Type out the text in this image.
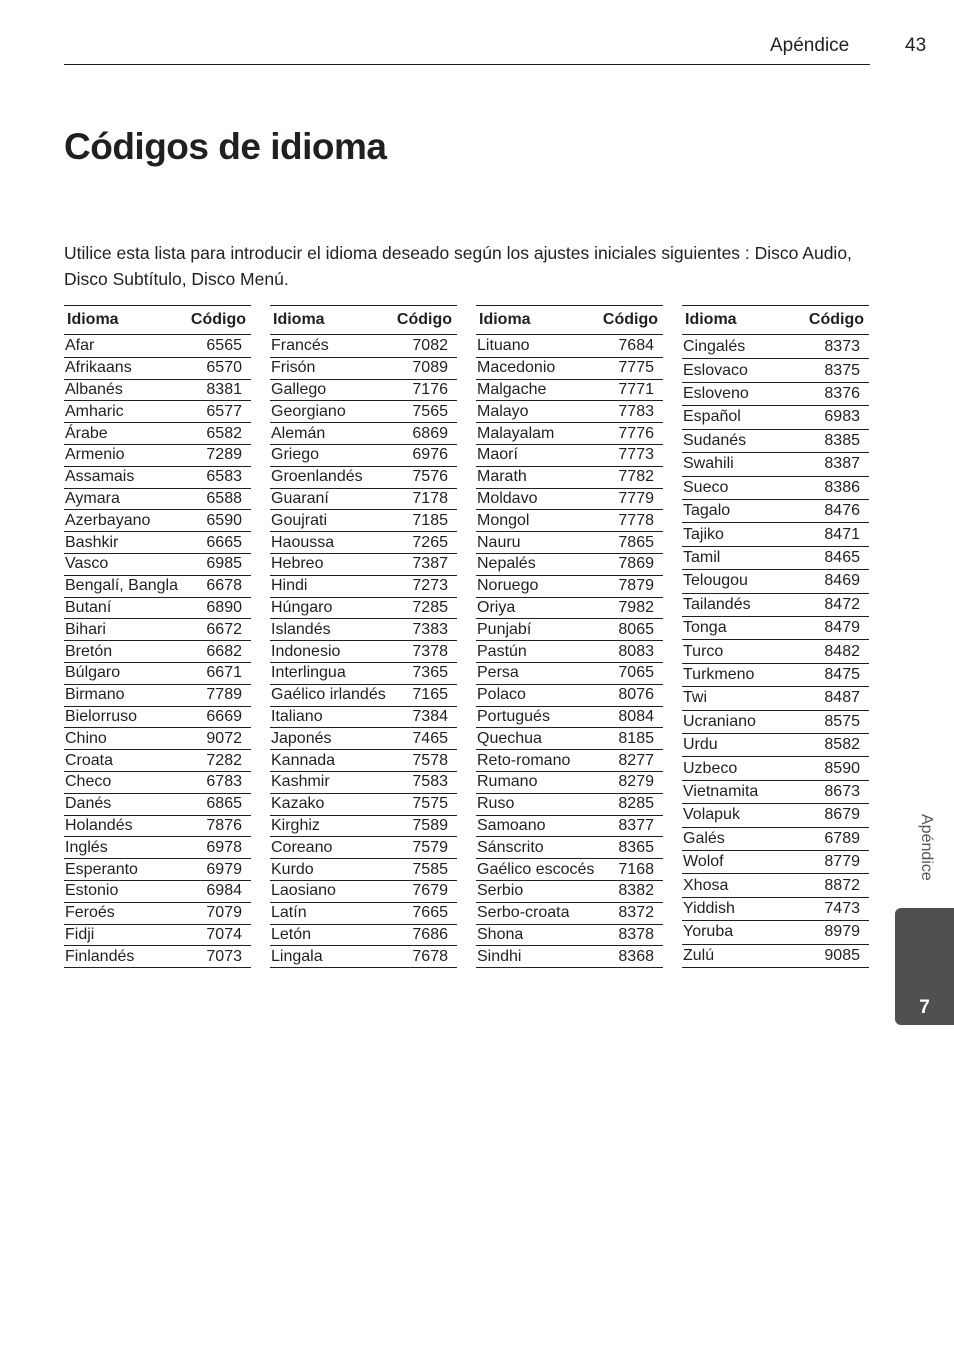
Apéndice	43
Códigos de idioma

Utilice esta lista para introducir el idioma deseado según los ajustes iniciales siguientes : Disco Audio, Disco Subtítulo, Disco Menú.

Idioma	Código
Afar	6565
Afrikaans	6570
Albanés	8381
Amharic	6577
Árabe	6582
Armenio	7289
Assamais	6583
Aymara	6588
Azerbayano	6590
Bashkir	6665
Vasco	6985
Bengalí, Bangla	6678
Butaní	6890
Bihari	6672
Bretón	6682
Búlgaro	6671
Birmano	7789
Bielorruso	6669
Chino	9072
Croata	7282
Checo	6783
Danés	6865
Holandés	7876
Inglés	6978
Esperanto	6979
Estonio	6984
Feroés	7079
Fidji	7074
Finlandés	7073
Idioma	Código
Francés	7082
Frisón	7089
Gallego	7176
Georgiano	7565
Alemán	6869
Griego	6976
Groenlandés	7576
Guaraní	7178
Goujrati	7185
Haoussa	7265
Hebreo	7387
Hindi	7273
Húngaro	7285
Islandés	7383
Indonesio	7378
Interlingua	7365
Gaélico irlandés	7165
Italiano	7384
Japonés	7465
Kannada	7578
Kashmir	7583
Kazako	7575
Kirghiz	7589
Coreano	7579
Kurdo	7585
Laosiano	7679
Latín	7665
Letón	7686
Lingala	7678
Idioma	Código
Lituano	7684
Macedonio	7775
Malgache	7771
Malayo	7783
Malayalam	7776
Maorí	7773
Marath	7782
Moldavo	7779
Mongol	7778
Nauru	7865
Nepalés	7869
Noruego	7879
Oriya	7982
Punjabí	8065
Pastún	8083
Persa	7065
Polaco	8076
Portugués	8084
Quechua	8185
Reto-romano	8277
Rumano	8279
Ruso	8285
Samoano	8377
Sánscrito	8365
Gaélico escocés	7168
Serbio	8382
Serbo-croata	8372
Shona	8378
Sindhi	8368
Idioma	Código
Cingalés	8373
Eslovaco	8375
Esloveno	8376
Español	6983
Sudanés	8385
Swahili	8387
Sueco	8386
Tagalo	8476
Tajiko	8471
Tamil	8465
Telougou	8469
Tailandés	8472
Tonga	8479
Turco	8482
Turkmeno	8475
Twi	8487
Ucraniano	8575
Urdu	8582
Uzbeco	8590
Vietnamita	8673
Volapuk	8679
Galés	6789
Wolof	8779
Xhosa	8872
Yiddish	7473
Yoruba	8979
Zulú	9085
Apéndice
7
